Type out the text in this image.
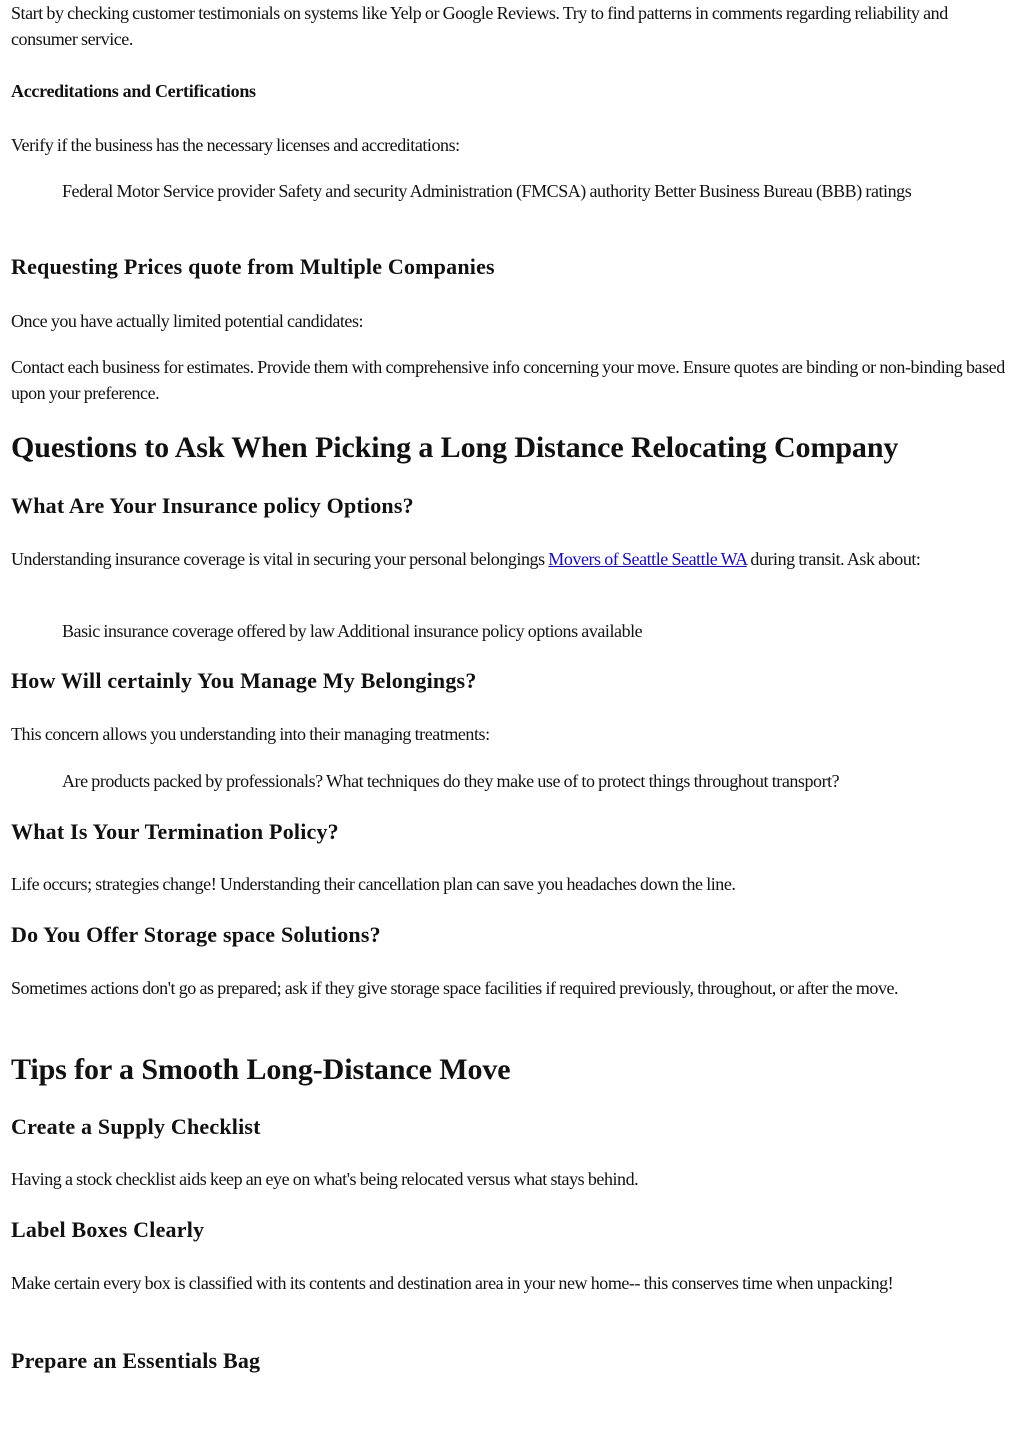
Start by checking customer testimonials on systems like Yelp or Google Reviews. Try to find patterns in comments regarding reliability and consumer service.

Accreditations and Certifications

Verify if the business has the necessary licenses and accreditations:

Federal Motor Service provider Safety and security Administration (FMCSA) authority Better Business Bureau (BBB) ratings

Requesting Prices quote from Multiple Companies

Once you have actually limited potential candidates:

Contact each business for estimates. Provide them with comprehensive info concerning your move. Ensure quotes are binding or non-binding based upon your preference.

Questions to Ask When Picking a Long Distance Relocating Company
What Are Your Insurance policy Options?

Understanding insurance coverage is vital in securing your personal belongings Movers of Seattle Seattle WA during transit. Ask about:

Basic insurance coverage offered by law Additional insurance policy options available

How Will certainly You Manage My Belongings?

This concern allows you understanding into their managing treatments:

Are products packed by professionals? What techniques do they make use of to protect things throughout transport?

What Is Your Termination Policy?

Life occurs; strategies change! Understanding their cancellation plan can save you headaches down the line.

Do You Offer Storage space Solutions?

Sometimes actions don't go as prepared; ask if they give storage space facilities if required previously, throughout, or after the move.

Tips for a Smooth Long-Distance Move
Create a Supply Checklist

Having a stock checklist aids keep an eye on what's being relocated versus what stays behind.

Label Boxes Clearly

Make certain every box is classified with its contents and destination area in your new home-- this conserves time when unpacking!

Prepare an Essentials Bag
